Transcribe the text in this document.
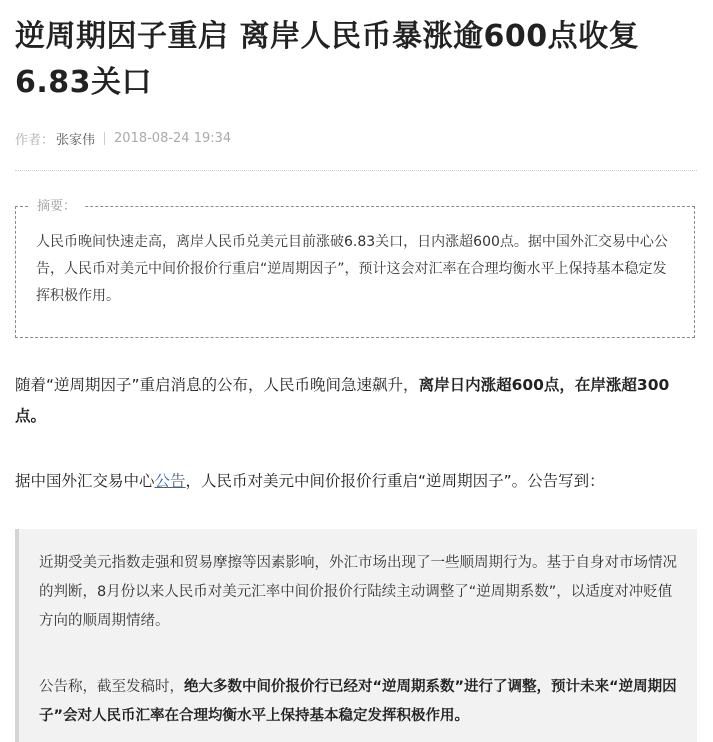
逆周期因子重启 离岸人民币暴涨逾600点收复6.83关口
作者： 张家伟 2018-08-24 19:34
摘要：
人民币晚间快速走高，离岸人民币兑美元目前涨破6.83关口，日内涨超600点。据中国外汇交易中心公告，人民币对美元中间价报价行重启“逆周期因子”，预计这会对汇率在合理均衡水平上保持基本稳定发挥积极作用。

随着“逆周期因子”重启消息的公布，人民币晚间急速飙升，离岸日内涨超600点，在岸涨超300点。

据中国外汇交易中心公告，人民币对美元中间价报价行重启“逆周期因子”。公告写到：

近期受美元指数走强和贸易摩擦等因素影响，外汇市场出现了一些顺周期行为。基于自身对市场情况的判断，8月份以来人民币对美元汇率中间价报价行陆续主动调整了“逆周期系数”，以适度对冲贬值方向的顺周期情绪。

公告称，截至发稿时，绝大多数中间价报价行已经对“逆周期系数”进行了调整，预计未来“逆周期因子”会对人民币汇率在合理均衡水平上保持基本稳定发挥积极作用。
